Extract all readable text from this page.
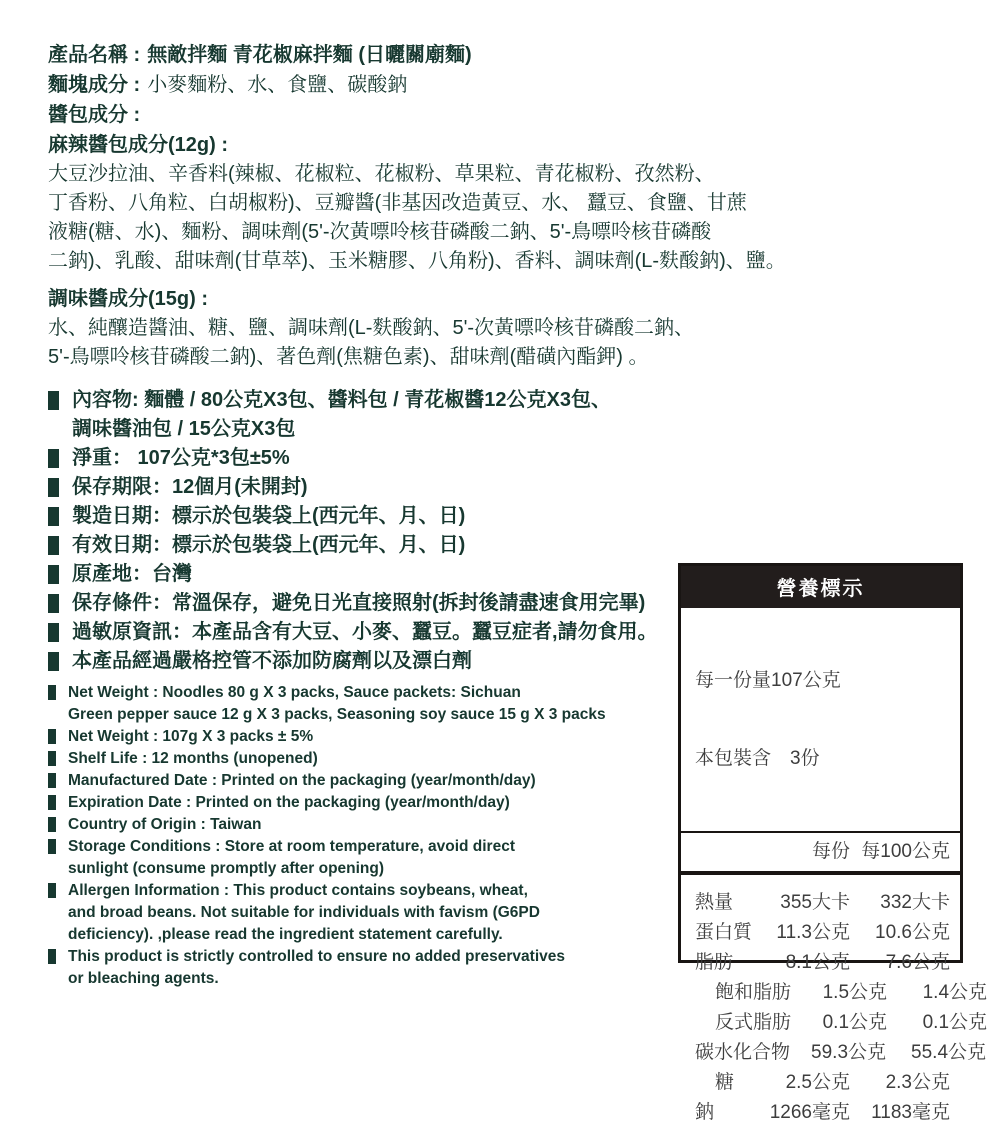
產品名稱 : 無敵拌麵 青花椒麻拌麵 (日曬關廟麵)
麵塊成分 : 小麥麵粉、水、食鹽、碳酸鈉
醬包成分 :
麻辣醬包成分(12g) :
大豆沙拉油、辛香料(辣椒、花椒粒、花椒粉、草果粒、青花椒粉、孜然粉、
丁香粉、八角粒、白胡椒粉)、豆瓣醬(非基因改造黃豆、水、 蠶豆、食鹽、甘蔗
液糖(糖、水)、麵粉、調味劑(5'-次黃嘌呤核苷磷酸二鈉、5'-鳥嘌呤核苷磷酸
二鈉)、乳酸、甜味劑(甘草萃)、玉米糖膠、八角粉)、香料、調味劑(L-麩酸鈉)、鹽。
調味醬成分(15g) :
水、純釀造醬油、糖、鹽、調味劑(L-麩酸鈉、5'-次黃嘌呤核苷磷酸二鈉、
5'-鳥嘌呤核苷磷酸二鈉)、著色劑(焦糖色素)、甜味劑(醋磺內酯鉀) 。
內容物: 麵體 / 80公克X3包、醬料包 / 青花椒醬12公克X3包、
調味醬油包 / 15公克X3包
淨重： 107公克*3包±5%
保存期限：12個月(未開封)
製造日期：標示於包裝袋上(西元年、月、日)
有效日期：標示於包裝袋上(西元年、月、日)
原產地：台灣
保存條件：常溫保存，避免日光直接照射(拆封後請盡速食用完畢)
過敏原資訊：本產品含有大豆、小麥、蠶豆。蠶豆症者,請勿食用。
本產品經過嚴格控管不添加防腐劑以及漂白劑
Net Weight : Noodles 80 g X 3 packs, Sauce packets: Sichuan
Green pepper sauce 12 g X 3 packs, Seasoning soy sauce 15 g X 3 packs
Net Weight : 107g X 3 packs ± 5%
Shelf Life : 12 months (unopened)
Manufactured Date : Printed on the packaging (year/month/day)
Expiration Date : Printed on the packaging (year/month/day)
Country of Origin : Taiwan
Storage Conditions : Store at room temperature, avoid direct
sunlight (consume promptly after opening)
Allergen Information : This product contains soybeans, wheat,
and broad beans. Not suitable for individuals with favism (G6PD
deficiency). ,please read the ingredient statement carefully.
This product is strictly controlled to ensure no added preservatives
or bleaching agents.
營養標示

每一份量107公克

本包裝含　3份

每份 每100公克
熱量	355大卡	332大卡
蛋白質	11.3公克	10.6公克
脂肪	8.1公克	7.6公克
飽和脂肪	1.5公克	1.4公克
反式脂肪	0.1公克	0.1公克
碳水化合物	59.3公克	55.4公克
糖	2.5公克	2.3公克
鈉	1266毫克	1183毫克
